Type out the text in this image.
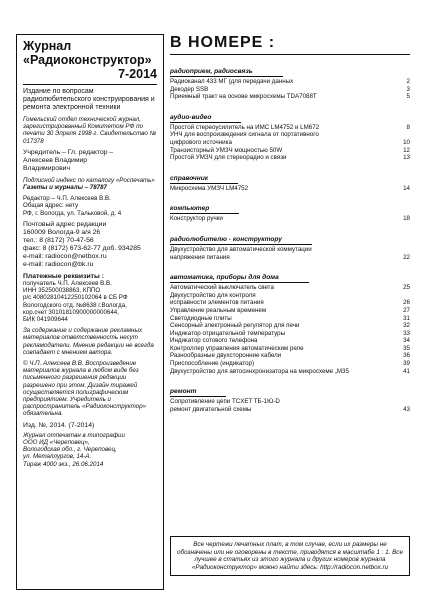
Журнал
«Радиоконструктор»
7-2014
Издание по вопросам радиолюбительского конструирования и ремонта электронной техники
Гомельский отдел технической журнал, зарегистрированный Комитетом РФ по печати 30 Эпреля 1998 г. Свидетельство № 017378
Учредитель – Гл. редактор –
Алексеев Владимир
Владимирович
Подписной индекс по каталогу «Роспечать»
Газеты и журналы – 78787
Редактор – Ч.П. Алексеев В.В.
Общая адрес: нету
РФ, г. Вологда, ул. Тальковой, д. 4
Почтовый адрес редакции
160009 Вологда-9 а/я 26
тел.: 8 (8172) 70-47-56
факс: 8 (8172) 673-62-77 доб. 934285
e-mail: radiocon@netbox.ru
e-mail: radiocon@bk.ru
Платежные реквизиты :
получатель Ч.П. Алексеев В.В.
ИНН 352500038863, КППО
р/с 40802810412250102064 в СБ РФ
Вологодского отд. №8638 г.Вологда,
кор.счет 30101810900000000644,
БИК 041909644
За содержание и содержание рекламных материалов ответственность несут рекламодатели. Мнение редакции не всегда совпадает с мнением автора.
© Ч.П. Алексеев В.В. Воспроизведение материалов журнала в любом виде без письменного разрешения редакции разрешено при этом. Дизайн тиражей осуществляется полиграфическим предприятием. Учредитель и распространитель «Радиоконструктор» обязательна.
Изд. №, 2014. (7-2014)
Журнал отпечатан в типографии
ООО ИД «Череповец»,
Вологодская обл., г. Череповец,
ул. Металлургов, 14-А.
Тираж 4000 экз., 26.06.2014
В НОМЕРЕ :
радиоприем, радиосвязь
Радиоканал 433 МГ (для передачи данных	2
Декодер SSB	3
Приемный тракт на основе микросхемы TDA7088T	5
аудио-видео
Простой стереоусилитель на ИМС LM4752 и LM672	8
УНЧ для воспроизведения сигнала от портативного
цифрового источника	10
Транзисторный УМЗЧ мощностью 50W	12
Простой УМЗЧ для стереорадио и связи	13
справочник
Микросхема УМЗЧ LM4752	14
компьютер
Конструктор ручки	18
радиолюбителю - конструктору
Двухустройство для автоматической коммутации
напряжения питания	22
автоматика, приборы для дома
Автоматический выключатель света	25
Двухустройство для контроля
исправности элементов питания	26
Управление реальным временем	27
Светодиодные плиты	31
Сенсорный электронный регулятор для печи	32
Индикатор отрицательной температуры	33
Индикатор сотового телефона	34
Контроллер управления автоматическим реле	35
Разнообразные двухсторонние кабели	36
Приспособление (индикатор)	39
Двухустройство для автосинхронизатора на микросхеме „М35	41
ремонт
Сопротивление цепи TCXET TБ-1Ю-D
ремонт двигательной схемы	43
Все чертежи печатных плат, в том случае, если их размеры не обозначены или не оговорены в тексте, приводятся в масштабе 1 : 1. Все лучшее в статьях из этого журнала и других номеров журнала «Радиоконструктор» можно найти здесь: http://radiocon.netbox.ru
